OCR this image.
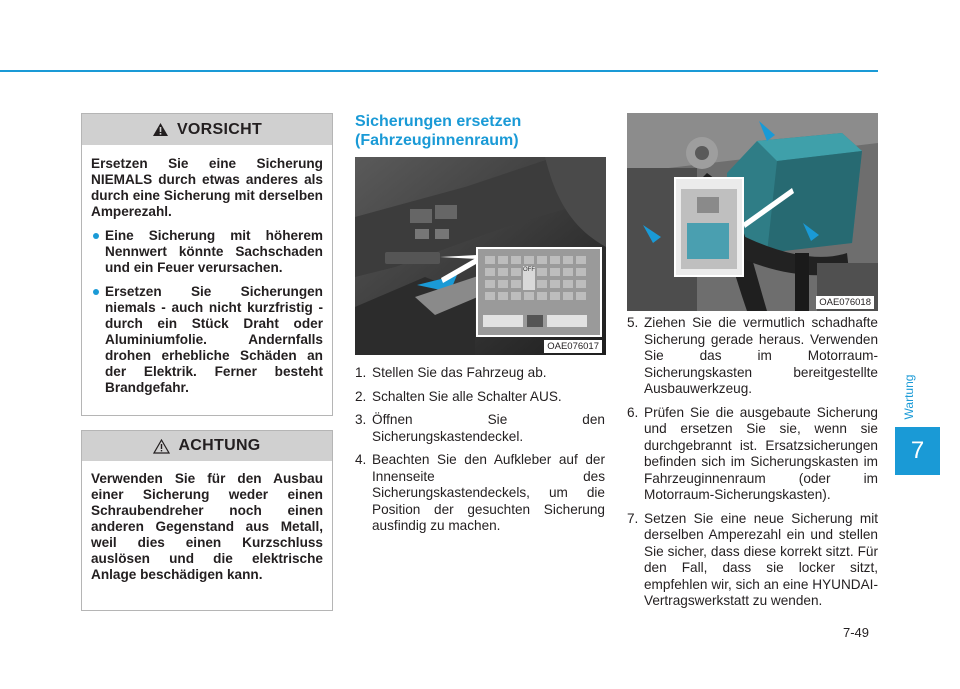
VORSICHT

Ersetzen Sie eine Sicherung NIEMALS durch etwas anderes als durch eine Sicherung mit derselben Amperezahl.

Eine Sicherung mit höherem Nennwert könnte Sachschaden und ein Feuer verursachen.
Ersetzen Sie Sicherungen niemals - auch nicht kurzfristig - durch ein Stück Draht oder Aluminiumfolie. Andernfalls drohen erhebliche Schäden an der Elektrik. Ferner besteht Brandgefahr.
ACHTUNG

Verwenden Sie für den Ausbau einer Sicherung weder einen Schraubendreher noch einen anderen Gegenstand aus Metall, weil dies einen Kurzschluss auslösen und die elektrische Anlage beschädigen kann.

Sicherungen ersetzen
(Fahrzeuginnenraum)
OFF
OAE076017
OAE076018
1. Stellen Sie das Fahrzeug ab.
2. Schalten Sie alle Schalter AUS.
3. Öffnen Sie den Sicherungskastendeckel.
4. Beachten Sie den Aufkleber auf der Innenseite des Sicherungskastendeckels, um die Position der gesuchten Sicherung ausfindig zu machen.
5. Ziehen Sie die vermutlich schadhafte Sicherung gerade heraus. Verwenden Sie das im Motorraum-Sicherungskasten bereitgestellte Ausbauwerkzeug.
6. Prüfen Sie die ausgebaute Sicherung und ersetzen Sie sie, wenn sie durchgebrannt ist. Ersatzsicherungen befinden sich im Sicherungskasten im Fahrzeuginnenraum (oder im Motorraum-Sicherungskasten).
7. Setzen Sie eine neue Sicherung mit derselben Amperezahl ein und stellen Sie sicher, dass diese korrekt sitzt. Für den Fall, dass sie locker sitzt, empfehlen wir, sich an eine HYUNDAI-Vertragswerkstatt zu wenden.
Wartung
7
7-49
